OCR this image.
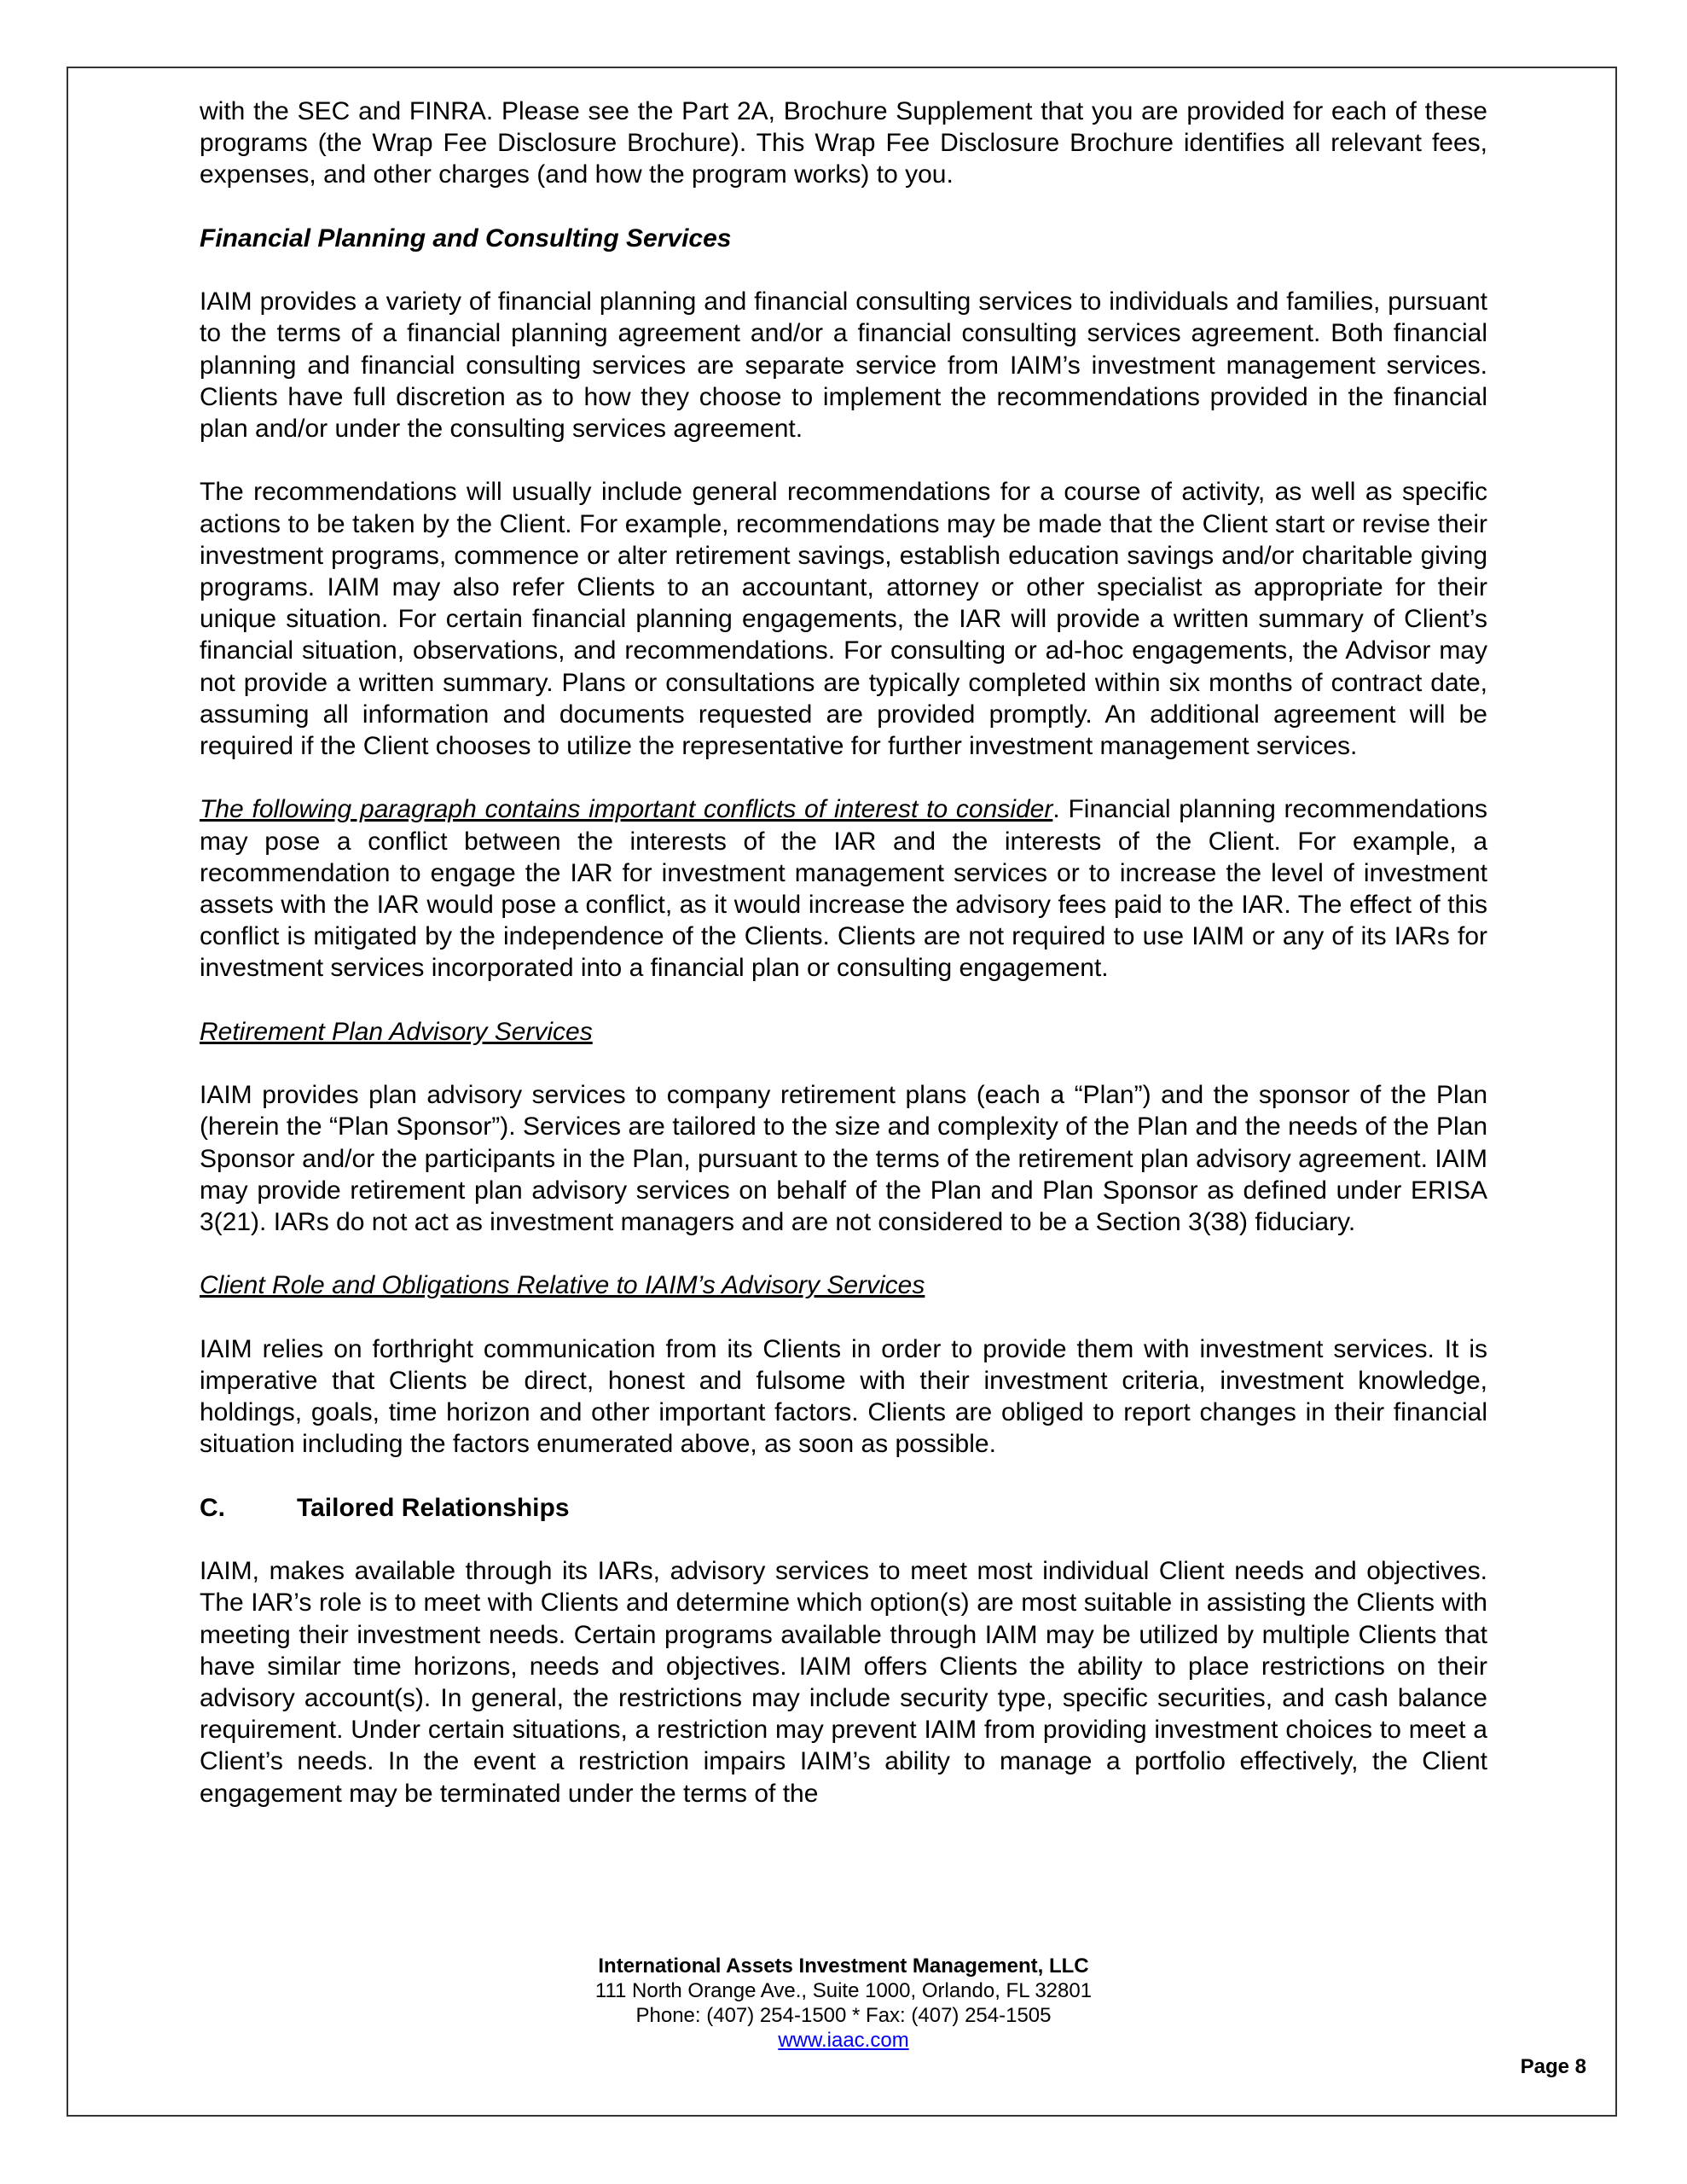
with the SEC and FINRA. Please see the Part 2A, Brochure Supplement that you are provided for each of these programs (the Wrap Fee Disclosure Brochure). This Wrap Fee Disclosure Brochure identifies all relevant fees, expenses, and other charges (and how the program works) to you.

Financial Planning and Consulting Services

IAIM provides a variety of financial planning and financial consulting services to individuals and families, pursuant to the terms of a financial planning agreement and/or a financial consulting services agreement. Both financial planning and financial consulting services are separate service from IAIM’s investment management services. Clients have full discretion as to how they choose to implement the recommendations provided in the financial plan and/or under the consulting services agreement.

The recommendations will usually include general recommendations for a course of activity, as well as specific actions to be taken by the Client. For example, recommendations may be made that the Client start or revise their investment programs, commence or alter retirement savings, establish education savings and/or charitable giving programs. IAIM may also refer Clients to an accountant, attorney or other specialist as appropriate for their unique situation. For certain financial planning engagements, the IAR will provide a written summary of Client’s financial situation, observations, and recommendations. For consulting or ad-hoc engagements, the Advisor may not provide a written summary. Plans or consultations are typically completed within six months of contract date, assuming all information and documents requested are provided promptly. An additional agreement will be required if the Client chooses to utilize the representative for further investment management services.

The following paragraph contains important conflicts of interest to consider. Financial planning recommendations may pose a conflict between the interests of the IAR and the interests of the Client. For example, a recommendation to engage the IAR for investment management services or to increase the level of investment assets with the IAR would pose a conflict, as it would increase the advisory fees paid to the IAR. The effect of this conflict is mitigated by the independence of the Clients. Clients are not required to use IAIM or any of its IARs for investment services incorporated into a financial plan or consulting engagement.

Retirement Plan Advisory Services

IAIM provides plan advisory services to company retirement plans (each a “Plan”) and the sponsor of the Plan (herein the “Plan Sponsor”). Services are tailored to the size and complexity of the Plan and the needs of the Plan Sponsor and/or the participants in the Plan, pursuant to the terms of the retirement plan advisory agreement. IAIM may provide retirement plan advisory services on behalf of the Plan and Plan Sponsor as defined under ERISA 3(21). IARs do not act as investment managers and are not considered to be a Section 3(38) fiduciary.

Client Role and Obligations Relative to IAIM’s Advisory Services

IAIM relies on forthright communication from its Clients in order to provide them with investment services. It is imperative that Clients be direct, honest and fulsome with their investment criteria, investment knowledge, holdings, goals, time horizon and other important factors. Clients are obliged to report changes in their financial situation including the factors enumerated above, as soon as possible.

C.	Tailored Relationships

IAIM, makes available through its IARs, advisory services to meet most individual Client needs and objectives. The IAR’s role is to meet with Clients and determine which option(s) are most suitable in assisting the Clients with meeting their investment needs. Certain programs available through IAIM may be utilized by multiple Clients that have similar time horizons, needs and objectives. IAIM offers Clients the ability to place restrictions on their advisory account(s). In general, the restrictions may include security type, specific securities, and cash balance requirement. Under certain situations, a restriction may prevent IAIM from providing investment choices to meet a Client’s needs. In the event a restriction impairs IAIM’s ability to manage a portfolio effectively, the Client engagement may be terminated under the terms of the

International Assets Investment Management, LLC
111 North Orange Ave., Suite 1000, Orlando, FL 32801
Phone: (407) 254-1500 * Fax: (407) 254-1505
www.iaac.com
Page 8
